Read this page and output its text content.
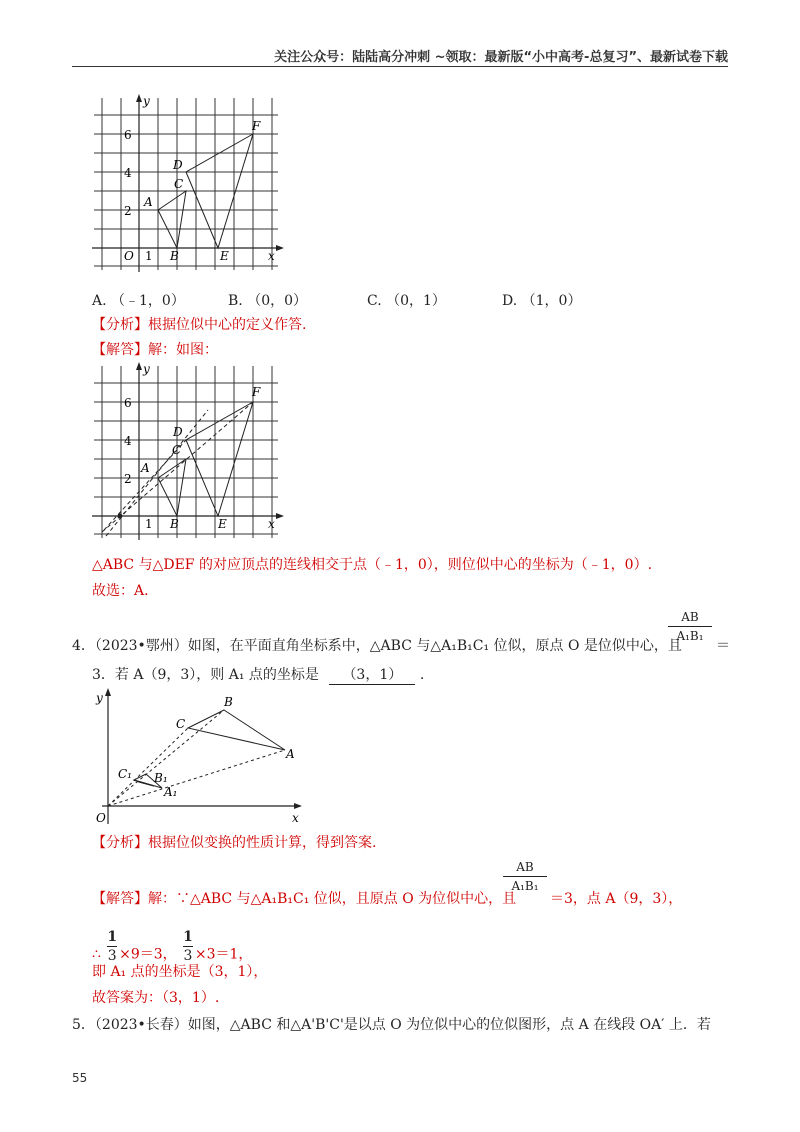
关注公众号：陆陆高分冲刺 ~领取：最新版“小中高考-总复习”、最新试卷下载
y
x
O
6
4
2
1
A
B
C
D
E
F
A. （﹣1，0）	B. （0，0）	C. （0，1）	D. （1，0）
【分析】根据位似中心的定义作答.
【解答】解：如图：
y
x
6
4
2
1
A
B
C
D
E
F
△ABC 与△DEF 的对应顶点的连线相交于点（﹣1，0），则位似中心的坐标为（﹣1，0）.
故选：A.
4．（2023•鄂州）如图，在平面直角坐标系中，△ABC 与△A₁B₁C₁ 位似，原点 O 是位似中心，且
AB
A₁B₁
＝
3．若 A（9，3），则 A₁ 点的坐标是 （3，1） .
y
x
O
B
C
A
C₁ B₁
A₁
【分析】根据位似变换的性质计算，得到答案.
【解答】解：∵△ABC 与△A₁B₁C₁ 位似，且原点 O 为位似中心，且
AB
A₁B₁
＝3，点 A（9，3），
∴ $\frac{1}{3} \times 9=3$， $\frac{1}{3} \times 3=1$，
即 A₁ 点的坐标是（3，1），
故答案为：（3，1）.
5．（2023•长春）如图，△ABC 和△A'B'C'是以点 O 为位似中心的位似图形，点 A 在线段 OA′ 上．若
55
